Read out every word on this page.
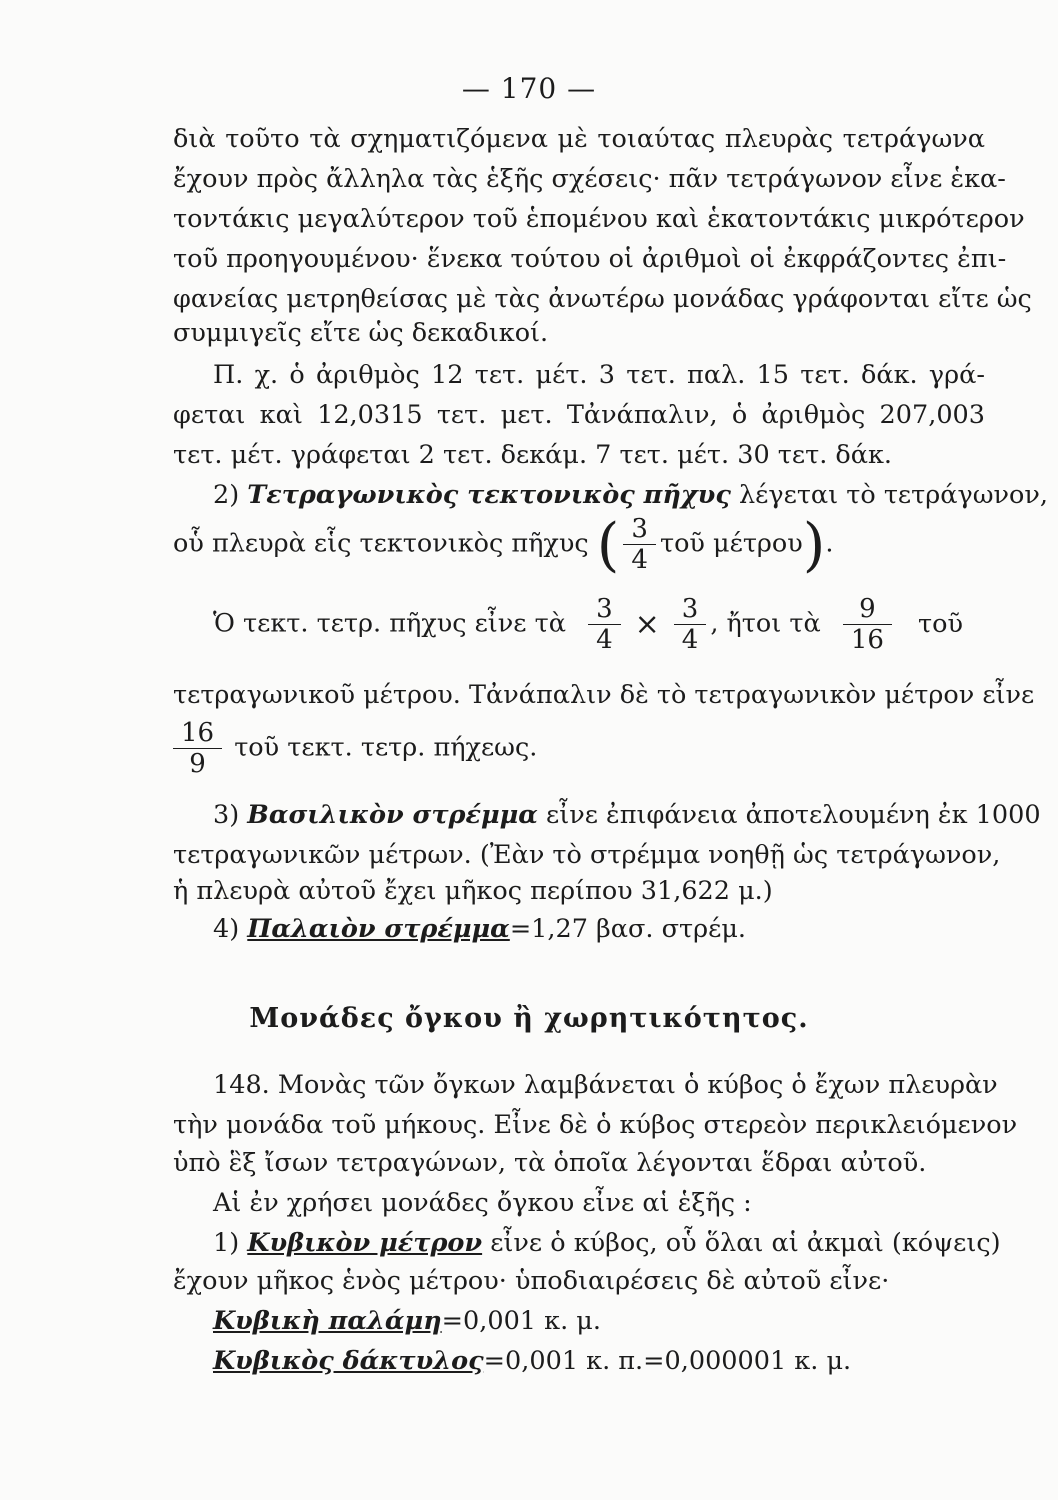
— 170 —
διὰ τοῦτο τὰ σχηματιζόμενα μὲ τοιαύτας πλευρὰς τετράγωνα
ἔχουν πρὸς ἄλληλα τὰς ἑξῆς σχέσεις· πᾶν τετράγωνον εἶνε ἑκα-
τοντάκις μεγαλύτερον τοῦ ἑπομένου καὶ ἑκατοντάκις μικρότερον
τοῦ προηγουμένου· ἕνεκα τούτου οἱ ἀριθμοὶ οἱ ἐκφράζοντες ἐπι-
φανείας μετρηθείσας μὲ τὰς ἀνωτέρω μονάδας γράφονται εἴτε ὡς
συμμιγεῖς εἴτε ὡς δεκαδικοί.
Π. χ. ὁ ἀριθμὸς 12 τετ. μέτ. 3 τετ. παλ. 15 τετ. δάκ. γρά-
φεται καὶ 12,0315 τετ. μετ. Τἀνάπαλιν, ὁ ἀριθμὸς 207,003
τετ. μέτ. γράφεται 2 τετ. δεκάμ. 7 τετ. μέτ. 30 τετ. δάκ.
2) Τετραγωνικὸς τεκτονικὸς πῆχυς λέγεται τὸ τετράγωνον,
οὗ πλευρὰ εἷς τεκτονικὸς πῆχυς ( $\frac{3}{4}$ τοῦ μέτρου).
Ὁ τεκτ. τετρ. πῆχυς εἶνε τὰ $\frac{3}{4} \times \frac{3}{4}$ , ἤτοι τὰ $\frac{9}{16}$ τοῦ
τετραγωνικοῦ μέτρου. Τἀνάπαλιν δὲ τὸ τετραγωνικὸν μέτρον εἶνε
$\frac{16}{9}$ τοῦ τεκτ. τετρ. πήχεως.
3) Βασιλικὸν στρέμμα εἶνε ἐπιφάνεια ἀποτελουμένη ἐκ 1000
τετραγωνικῶν μέτρων. (Ἐὰν τὸ στρέμμα νοηθῇ ὡς τετράγωνον,
ἡ πλευρὰ αὐτοῦ ἔχει μῆκος περίπου 31,622 μ.)
4) Παλαιὸν στρέμμα=1,27 βασ. στρέμ.
Μονάδες ὄγκου ἢ χωρητικότητος.
148. Μονὰς τῶν ὄγκων λαμβάνεται ὁ κύβος ὁ ἔχων πλευρὰν
τὴν μονάδα τοῦ μήκους. Εἶνε δὲ ὁ κύβος στερεὸν περικλειόμενον
ὑπὸ ἓξ ἴσων τετραγώνων, τὰ ὁποῖα λέγονται ἕδραι αὐτοῦ.
Αἱ ἐν χρήσει μονάδες ὄγκου εἶνε αἱ ἑξῆς :
1) Κυβικὸν μέτρον εἶνε ὁ κύβος, οὗ ὅλαι αἱ ἀκμαὶ (κόψεις)
ἔχουν μῆκος ἑνὸς μέτρου· ὑποδιαιρέσεις δὲ αὐτοῦ εἶνε·
Κυβικὴ παλάμη=0,001 κ. μ.
Κυβικὸς δάκτυλος=0,001 κ. π.=0,000001 κ. μ.
